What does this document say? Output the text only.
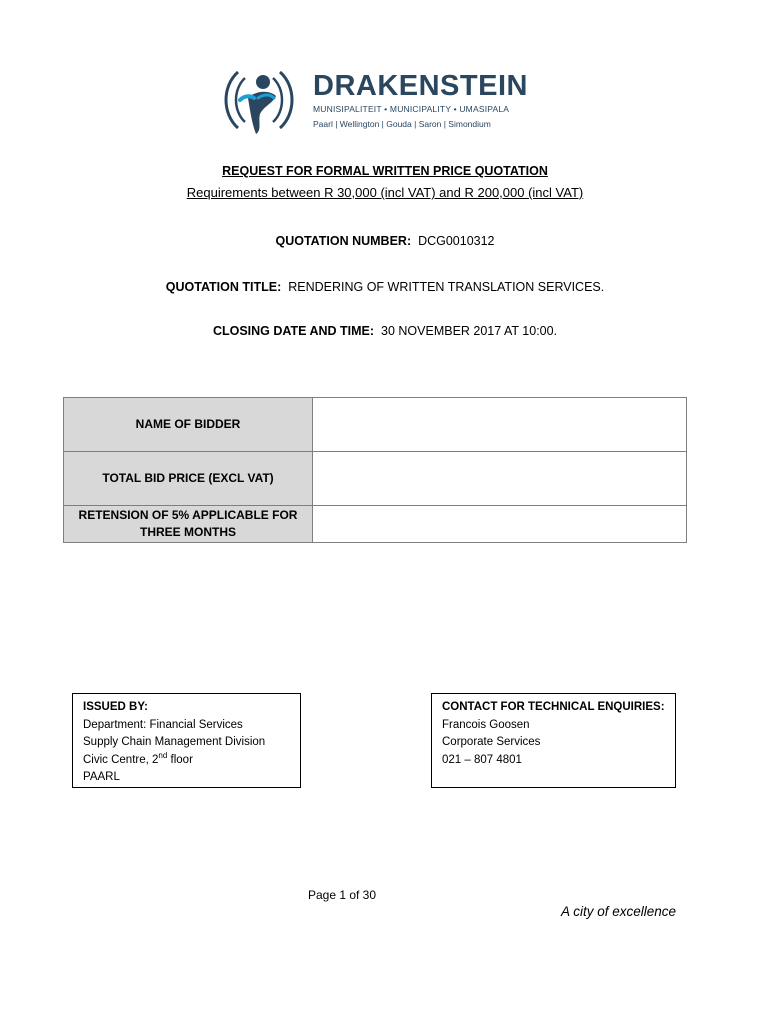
DRAKENSTEIN
MUNISIPALITEIT • MUNICIPALITY • UMASIPALA
Paarl | Wellington | Gouda | Saron | Simondium
REQUEST FOR FORMAL WRITTEN PRICE QUOTATION
Requirements between R 30,000 (incl VAT) and R 200,000 (incl VAT)
QUOTATION NUMBER: DCG0010312
QUOTATION TITLE: RENDERING OF WRITTEN TRANSLATION SERVICES.
CLOSING DATE AND TIME: 30 NOVEMBER 2017 AT 10:00.
NAME OF BIDDER	
TOTAL BID PRICE (EXCL VAT)	
RETENSION OF 5% APPLICABLE FOR
THREE MONTHS	
ISSUED BY:
Department: Financial Services
Supply Chain Management Division
Civic Centre, 2nd floor
PAARL
CONTACT FOR TECHNICAL ENQUIRIES:
Francois Goosen
Corporate Services
021 – 807 4801
Page 1 of 30
A city of excellence
